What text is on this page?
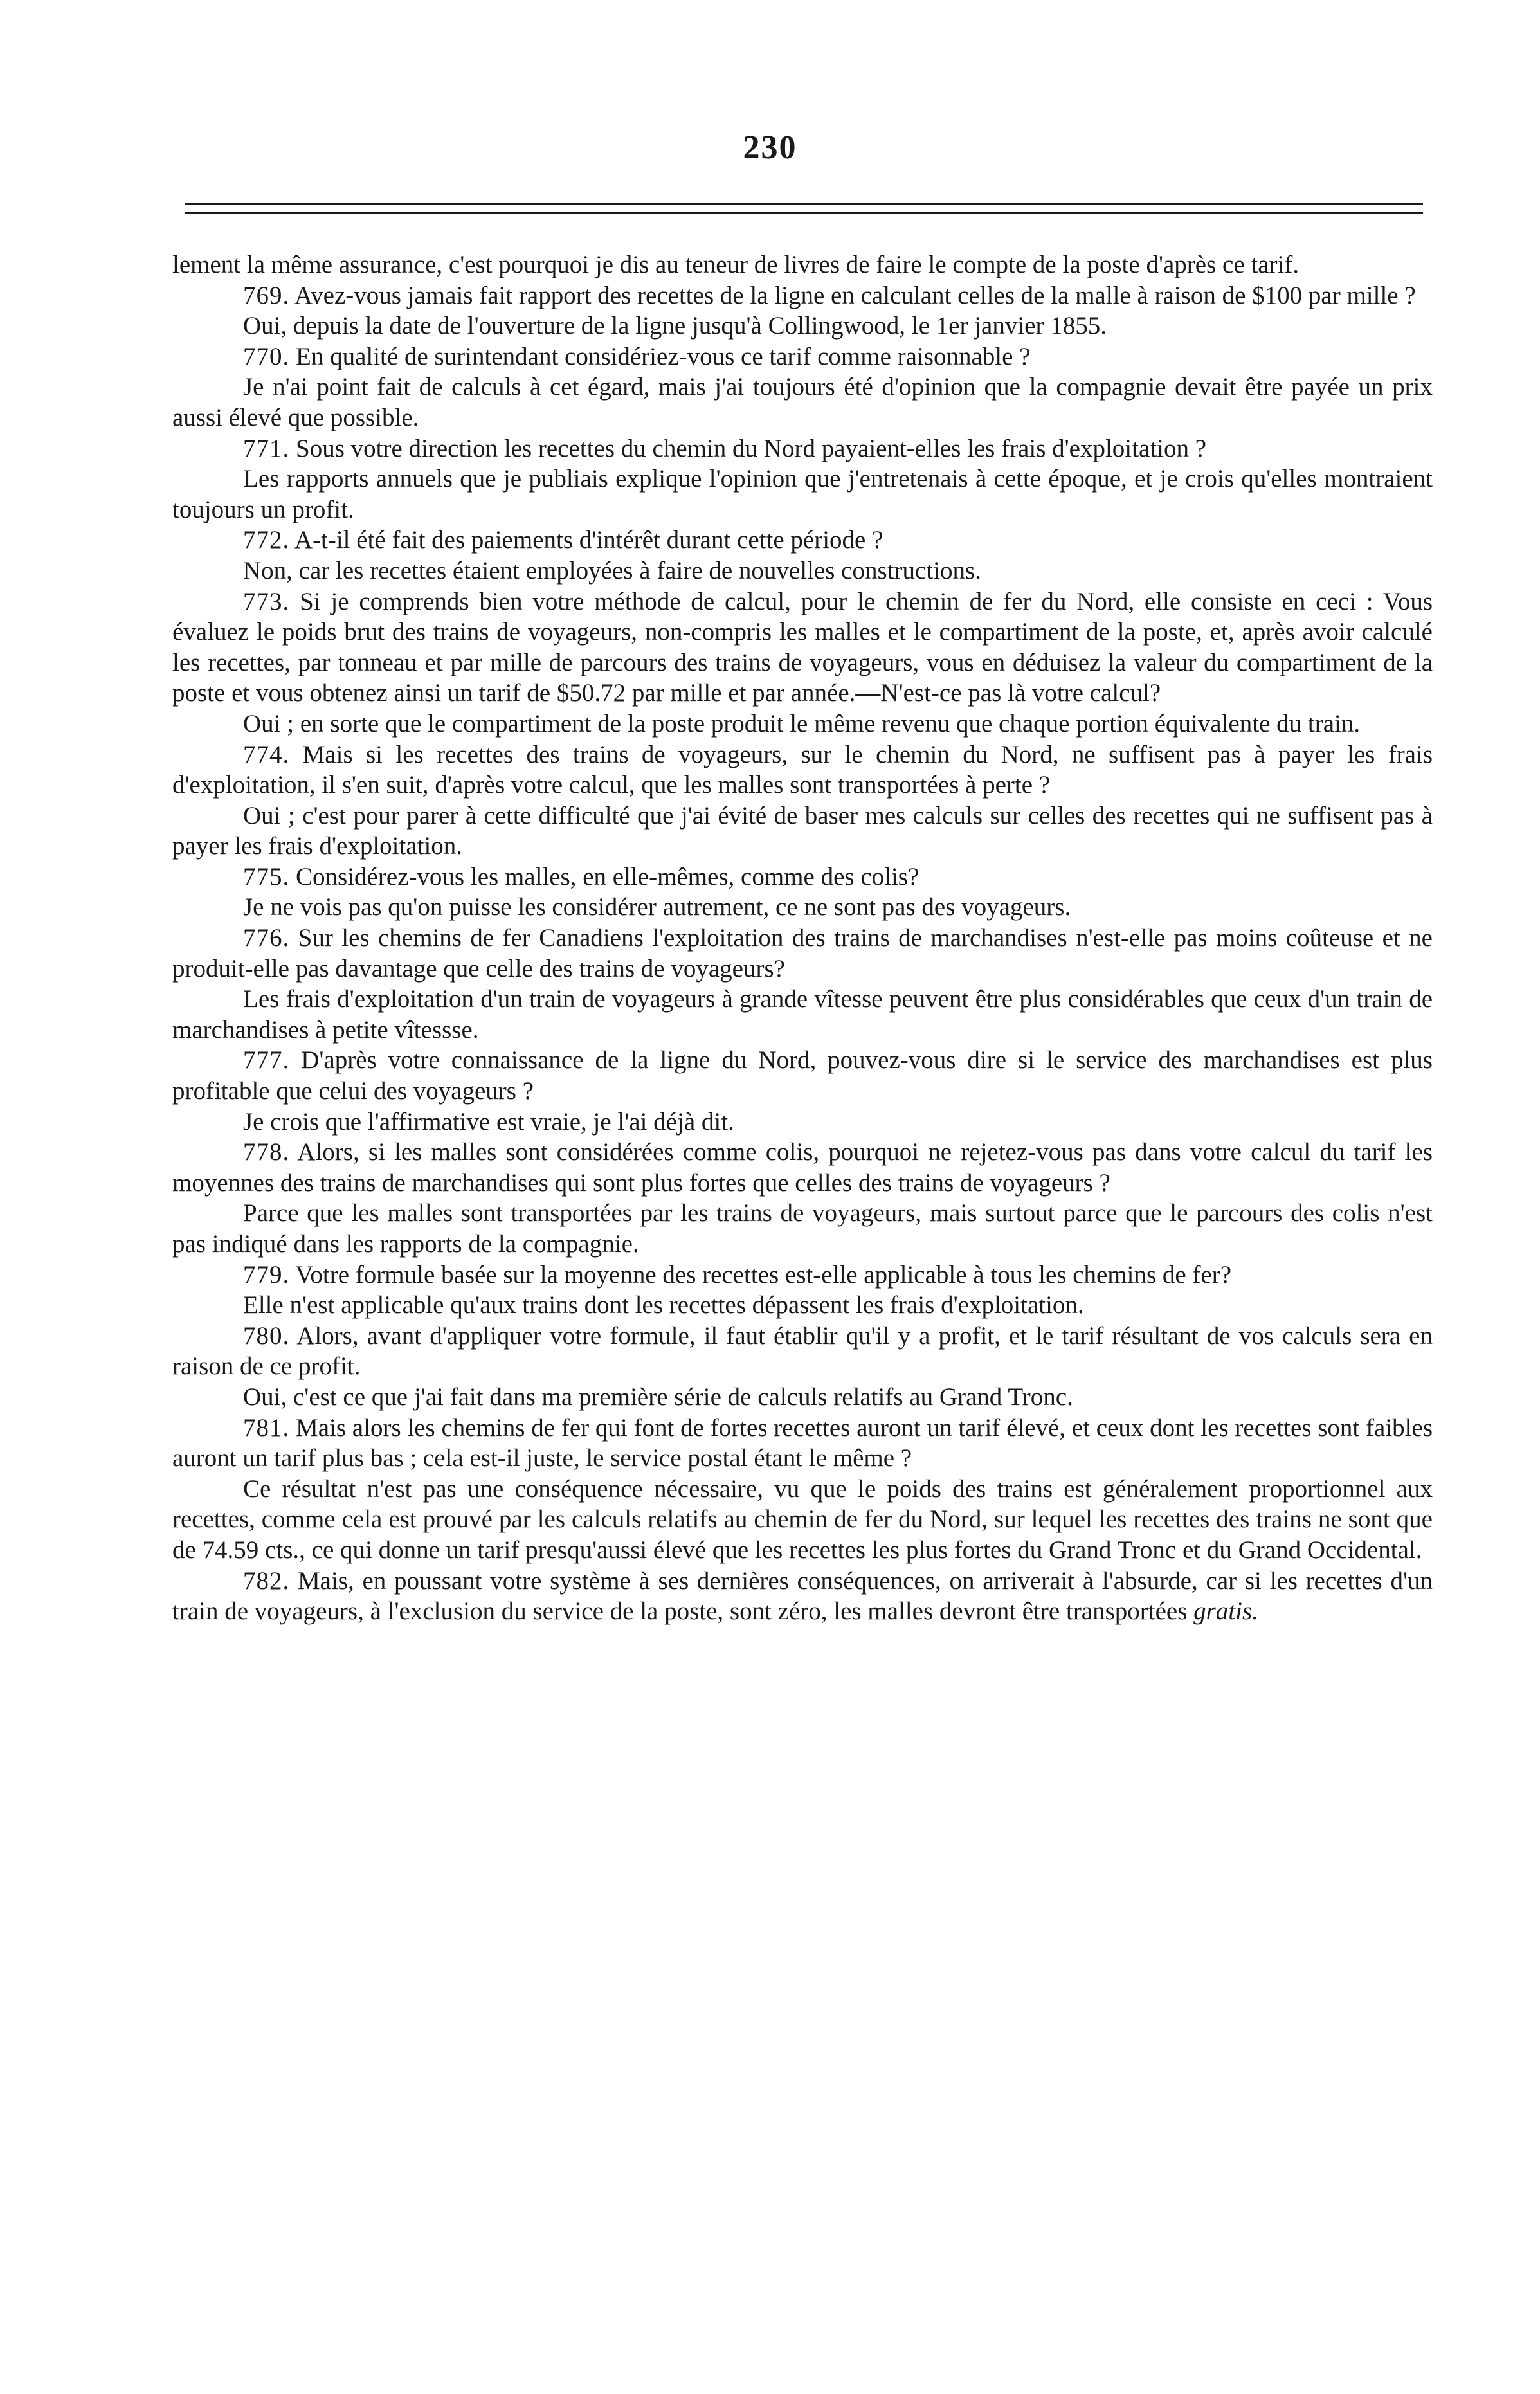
230

lement la même assurance, c'est pourquoi je dis au teneur de livres de faire le compte de la poste d'après ce tarif.

769. Avez-vous jamais fait rapport des recettes de la ligne en calculant celles de la malle à raison de $100 par mille ?

Oui, depuis la date de l'ouverture de la ligne jusqu'à Collingwood, le 1er janvier 1855.

770. En qualité de surintendant considériez-vous ce tarif comme raisonnable ?

Je n'ai point fait de calculs à cet égard, mais j'ai toujours été d'opinion que la compagnie devait être payée un prix aussi élevé que possible.

771. Sous votre direction les recettes du chemin du Nord payaient-elles les frais d'exploitation ?

Les rapports annuels que je publiais explique l'opinion que j'entretenais à cette époque, et je crois qu'elles montraient toujours un profit.

772. A-t-il été fait des paiements d'intérêt durant cette période ?

Non, car les recettes étaient employées à faire de nouvelles constructions.

773. Si je comprends bien votre méthode de calcul, pour le chemin de fer du Nord, elle consiste en ceci : Vous évaluez le poids brut des trains de voyageurs, non-compris les malles et le compartiment de la poste, et, après avoir calculé les recettes, par tonneau et par mille de parcours des trains de voyageurs, vous en déduisez la valeur du compartiment de la poste et vous obtenez ainsi un tarif de $50.72 par mille et par année.—N'est-ce pas là votre calcul?

Oui ; en sorte que le compartiment de la poste produit le même revenu que chaque portion équivalente du train.

774. Mais si les recettes des trains de voyageurs, sur le chemin du Nord, ne suffisent pas à payer les frais d'exploitation, il s'en suit, d'après votre calcul, que les malles sont transportées à perte ?

Oui ; c'est pour parer à cette difficulté que j'ai évité de baser mes calculs sur celles des recettes qui ne suffisent pas à payer les frais d'exploitation.

775. Considérez-vous les malles, en elle-mêmes, comme des colis?

Je ne vois pas qu'on puisse les considérer autrement, ce ne sont pas des voyageurs.

776. Sur les chemins de fer Canadiens l'exploitation des trains de marchandises n'est-elle pas moins coûteuse et ne produit-elle pas davantage que celle des trains de voyageurs?

Les frais d'exploitation d'un train de voyageurs à grande vîtesse peuvent être plus considérables que ceux d'un train de marchandises à petite vîtessse.

777. D'après votre connaissance de la ligne du Nord, pouvez-vous dire si le service des marchandises est plus profitable que celui des voyageurs ?

Je crois que l'affirmative est vraie, je l'ai déjà dit.

778. Alors, si les malles sont considérées comme colis, pourquoi ne rejetez-vous pas dans votre calcul du tarif les moyennes des trains de marchandises qui sont plus fortes que celles des trains de voyageurs ?

Parce que les malles sont transportées par les trains de voyageurs, mais surtout parce que le parcours des colis n'est pas indiqué dans les rapports de la compagnie.

779. Votre formule basée sur la moyenne des recettes est-elle applicable à tous les chemins de fer?

Elle n'est applicable qu'aux trains dont les recettes dépassent les frais d'exploitation.

780. Alors, avant d'appliquer votre formule, il faut établir qu'il y a profit, et le tarif résultant de vos calculs sera en raison de ce profit.

Oui, c'est ce que j'ai fait dans ma première série de calculs relatifs au Grand Tronc.

781. Mais alors les chemins de fer qui font de fortes recettes auront un tarif élevé, et ceux dont les recettes sont faibles auront un tarif plus bas ; cela est-il juste, le service postal étant le même ?

Ce résultat n'est pas une conséquence nécessaire, vu que le poids des trains est généralement proportionnel aux recettes, comme cela est prouvé par les calculs relatifs au chemin de fer du Nord, sur lequel les recettes des trains ne sont que de 74.59 cts., ce qui donne un tarif presqu'aussi élevé que les recettes les plus fortes du Grand Tronc et du Grand Occidental.

782. Mais, en poussant votre système à ses dernières conséquences, on arriverait à l'absurde, car si les recettes d'un train de voyageurs, à l'exclusion du service de la poste, sont zéro, les malles devront être transportées gratis.
